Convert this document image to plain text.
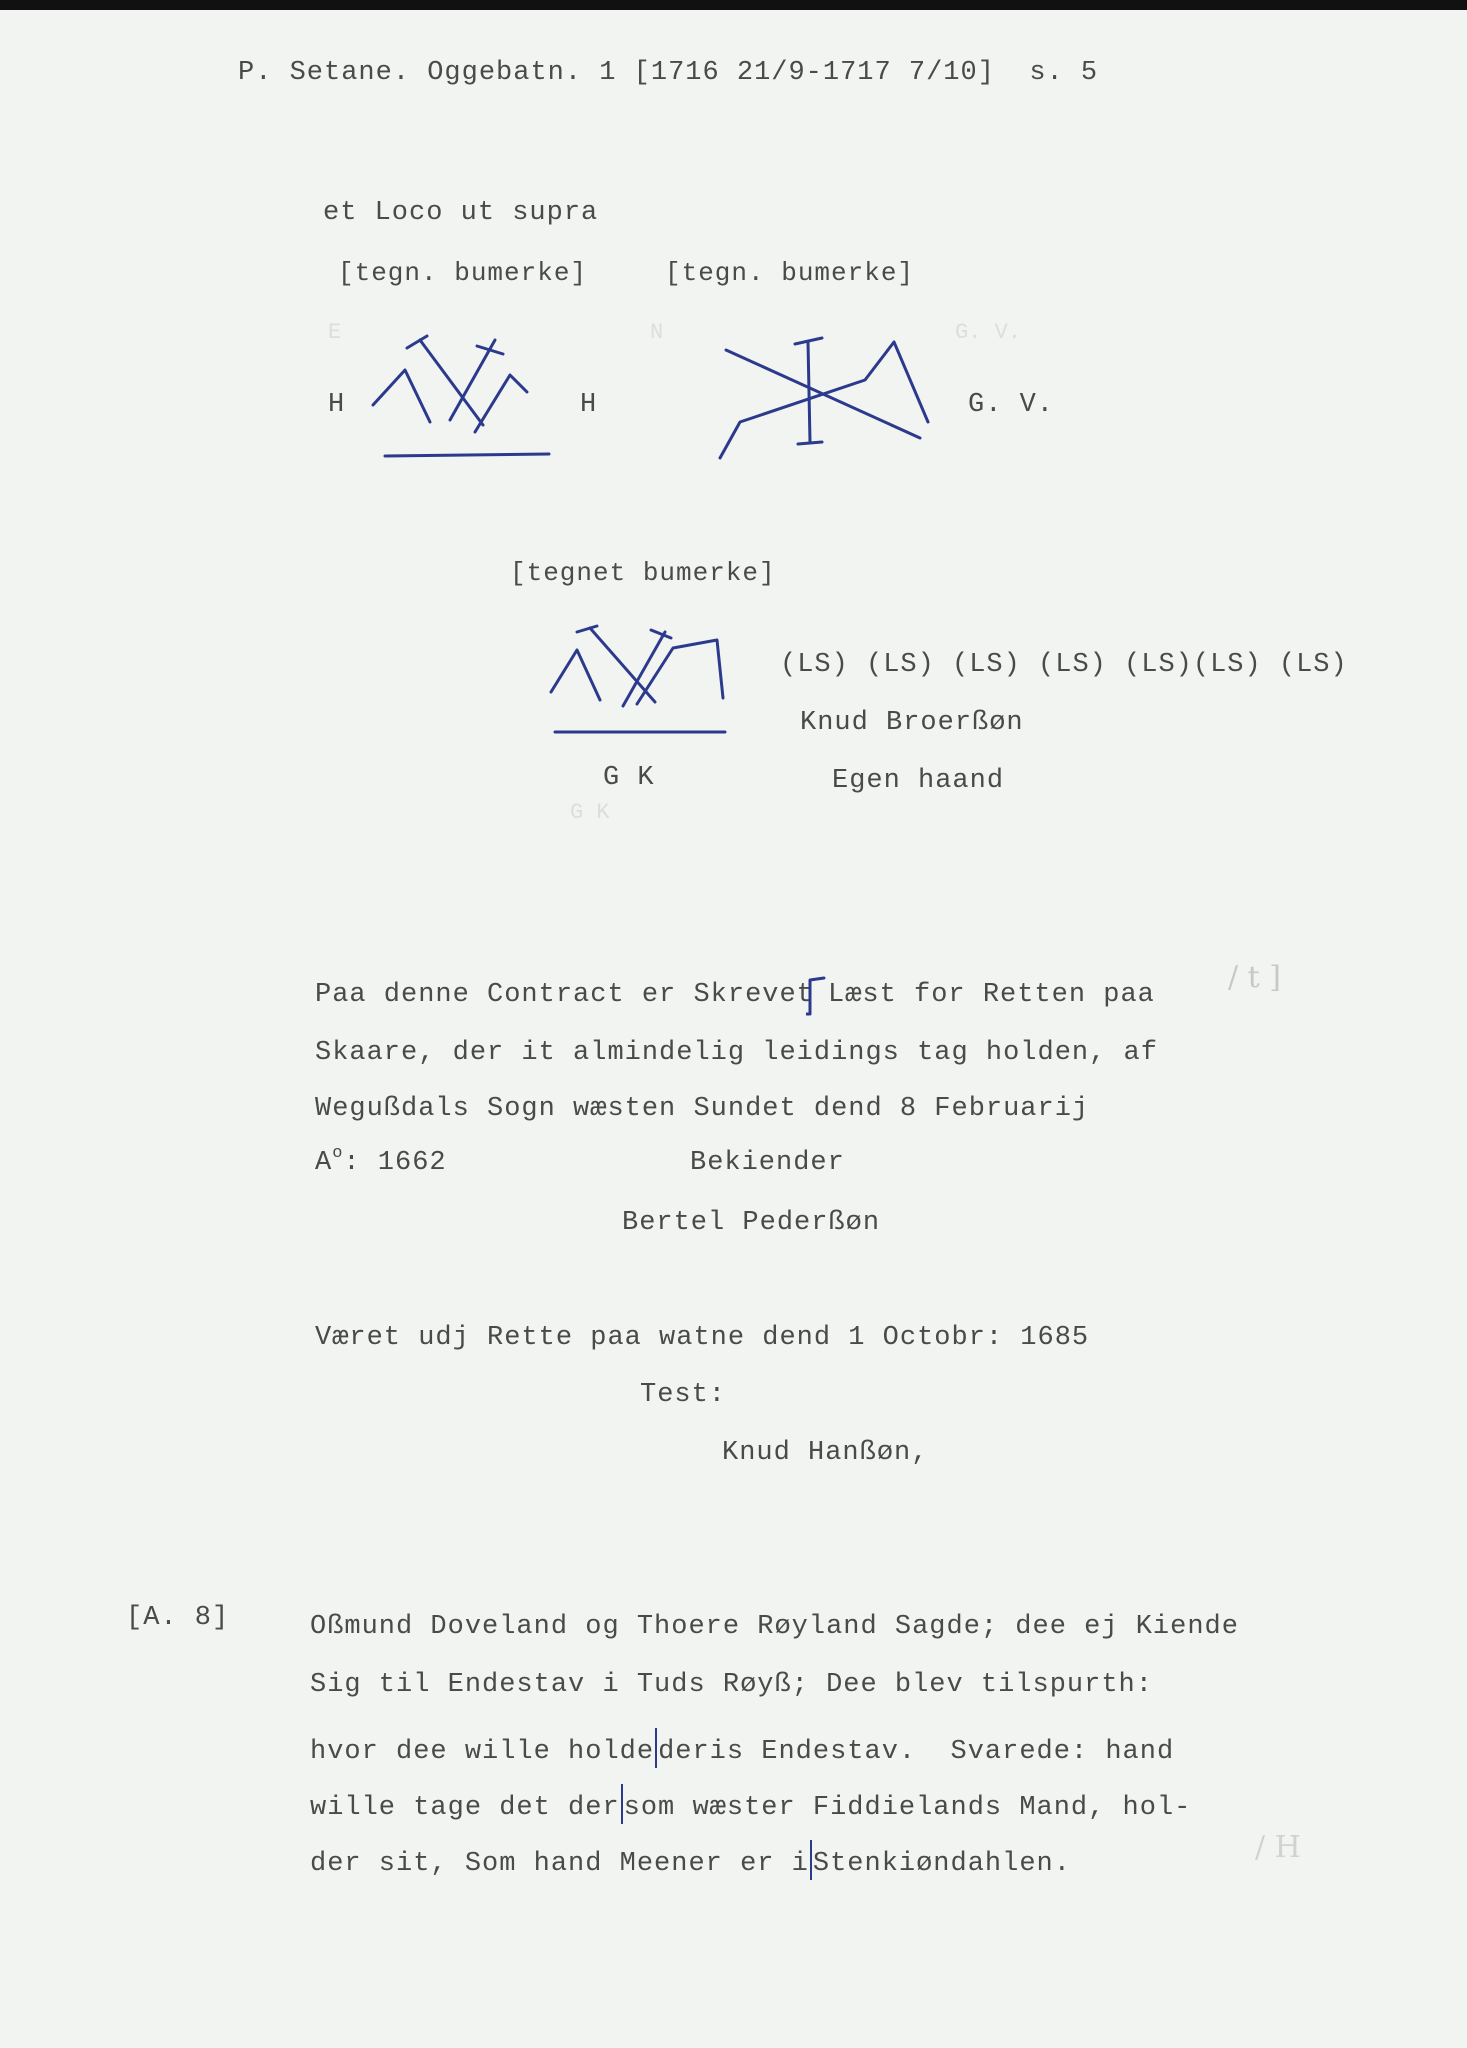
P. Setane. Oggebatn. 1 [1716 21/9-1717 7/10]  s. 5
et Loco ut supra
[tegn. bumerke]	[tegn. bumerke]
E	N	G. V.
H	H	G. V.
[tegnet bumerke]
(LS) (LS) (LS) (LS) (LS)(LS) (LS)
Knud Broerßøn
G K	Egen haand
G K
Paa denne Contract er Skrevet Læst for Retten paa
Skaare, der it almindelig leidings tag holden, af
Wegußdals Sogn wæsten Sundet dend 8 Februarij
$A^o$: 1662	Bekiender
Bertel Pederßøn
/ t ]
Været udj Rette paa watne dend 1 Octobr: 1685
Test:
Knud Hanßøn,
[A. 8]	Oßmund Doveland og Thoere Røyland Sagde; dee ej Kiende
Sig til Endestav i Tuds Røyß; Dee blev tilspurth:
hvor dee wille holde deris Endestav.  Svarede: hand
wille tage det der som wæster Fiddielands Mand, hol-
der sit, Som hand Meener er i Stenkiøndahlen.	/ H
